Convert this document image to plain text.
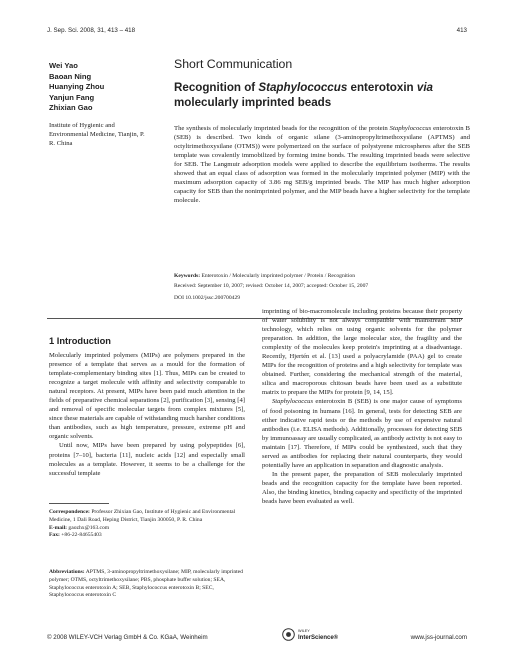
J. Sep. Sci. 2008, 31, 413 – 418	413
Wei Yao
Baoan Ning
Huanying Zhou
Yanjun Fang
Zhixian Gao
Institute of Hygienic and Environmental Medicine, Tianjin, P. R. China
Short Communication
Recognition of Staphylococcus enterotoxin via molecularly imprinted beads
The synthesis of molecularly imprinted beads for the recognition of the protein Staphylococcus enterotoxin B (SEB) is described. Two kinds of organic silane (3-aminopropyltrimethoxysilane (APTMS) and octyltrimethoxysilane (OTMS)) were polymerized on the surface of polystyrene microspheres after the SEB template was covalently immobilized by forming imine bonds. The resulting imprinted beads were selective for SEB. The Langmuir adsorption models were applied to describe the equilibrium isotherms. The results showed that an equal class of adsorption was formed in the molecularly imprinted polymer (MIP) with the maximum adsorption capacity of 3.86 mg SEB/g imprinted beads. The MIP has much higher adsorption capacity for SEB than the nonimprinted polymer, and the MIP beads have a higher selectivity for the template molecule.
Keywords: Enterotoxin / Molecularly imprinted polymer / Protein / Recognition
Received: September 10, 2007; revised: October 14, 2007; accepted: October 15, 2007
DOI 10.1002/jssc.200700429
1 Introduction

Molecularly imprinted polymers (MIPs) are polymers prepared in the presence of a template that serves as a mould for the formation of template-complementary binding sites [1]. Thus, MIPs can be created to recognize a target molecule with affinity and selectivity comparable to natural receptors. At present, MIPs have been paid much attention in the fields of preparative chemical separations [2], purification [3], sensing [4] and removal of specific molecular targets from complex mixtures [5], since these materials are capable of withstanding much harsher conditions than antibodies, such as high temperature, pressure, extreme pH and organic solvents.

Until now, MIPs have been prepared by using polypeptides [6], proteins [7–10], bacteria [11], nucleic acids [12] and especially small molecules as a template. However, it seems to be a challenge for the successful template

imprinting of bio-macromolecule including proteins because their property of water solubility is not always compatible with mainstream MIP technology, which relies on using organic solvents for the polymer preparation. In addition, the large molecular size, the fragility and the complexity of the molecules keep protein's imprinting at a disadvantage. Recently, Hjertén et al. [13] used a polyacrylamide (PAA) gel to create MIPs for the recognition of proteins and a high selectivity for template was obtained. Further, considering the mechanical strength of the material, silica and macroporous chitosan beads have been used as a substitute matrix to prepare the MIPs for protein [9, 14, 15].

Staphylococcus enterotoxin B (SEB) is one major cause of symptoms of food poisoning in humans [16]. In general, tests for detecting SEB are either indicative rapid tests or the methods by use of expensive natural antibodies (i.e. ELISA methods). Additionally, processes for detecting SEB by immunoassay are usually complicated, as antibody activity is not easy to maintain [17]. Therefore, if MIPs could be synthesized, such that they served as antibodies for replacing their natural counterparts, they would potentially have an application in separation and diagnostic analysis.

In the present paper, the preparation of SEB molecularly imprinted beads and the recognition capacity for the template have been reported. Also, the binding kinetics, binding capacity and specificity of the imprinted beads have been evaluated as well.

Correspondence: Professor Zhixian Gao, Institute of Hygienic and Environmental Medicine, 1 Dali Road, Heping District, Tianjin 300050, P. R. China
E-mail: gaozhx@163.com
Fax: +86-22-84655403
Abbreviations: APTMS, 3-aminopropyltrimethoxysilane; MIP, molecularly imprinted polymer; OTMS, octyltrimethoxysilane; PBS, phosphate buffer solution; SEA, Staphylococcus enterotoxin A; SEB, Staphylococcus enterotoxin B; SEC, Staphylococcus enterotoxin C
© 2008 WILEY-VCH Verlag GmbH & Co. KGaA, Weinheim
WILEY
InterScience®	www.jss-journal.com
